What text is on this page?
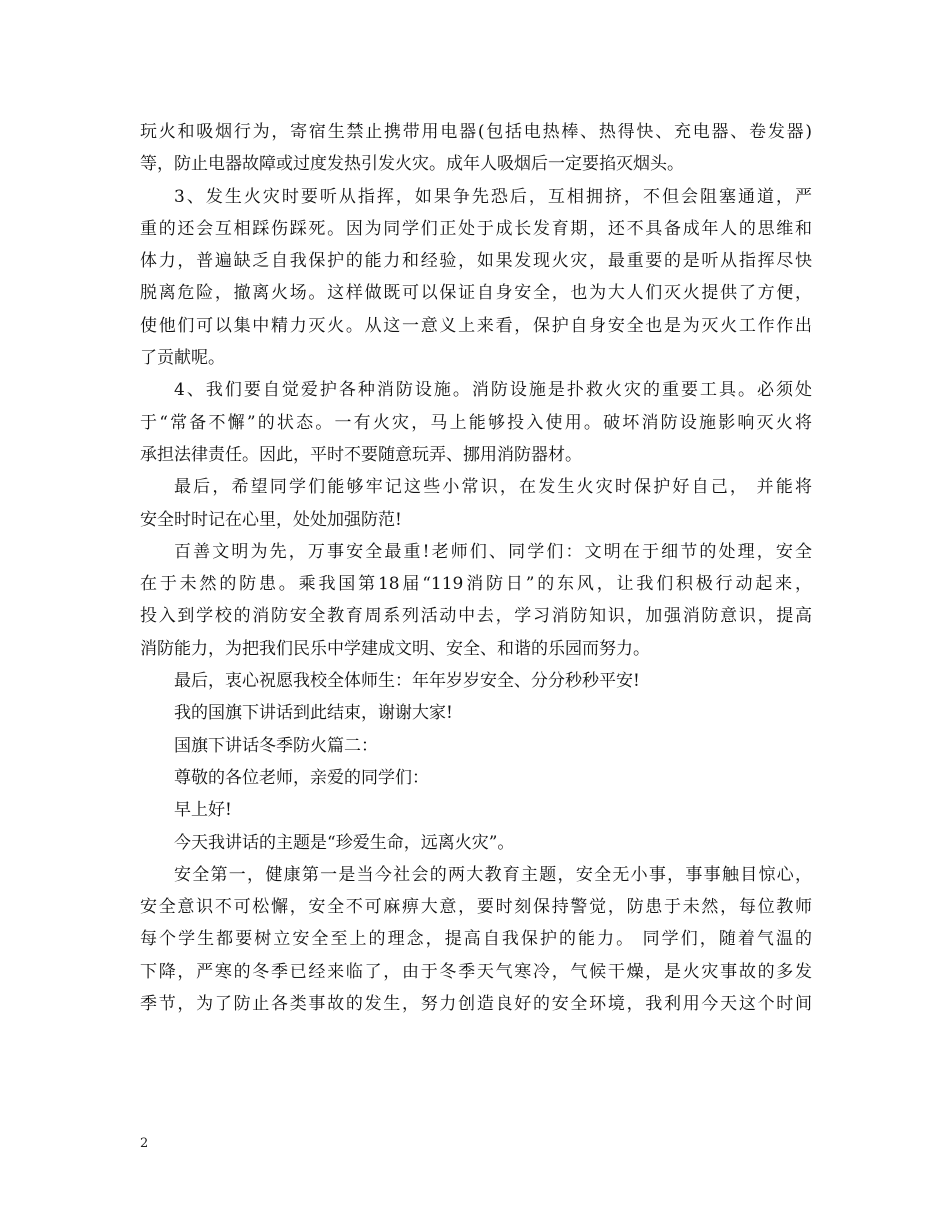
玩火和吸烟行为，寄宿生禁止携带用电器(包括电热棒、热得快、充电器、卷发器)
等，防止电器故障或过度发热引发火灾。成年人吸烟后一定要掐灭烟头。
3、发生火灾时要听从指挥，如果争先恐后，互相拥挤，不但会阻塞通道，严
重的还会互相踩伤踩死。因为同学们正处于成长发育期，还不具备成年人的思维和
体力，普遍缺乏自我保护的能力和经验，如果发现火灾，最重要的是听从指挥尽快
脱离危险，撤离火场。这样做既可以保证自身安全，也为大人们灭火提供了方便，
使他们可以集中精力灭火。从这一意义上来看，保护自身安全也是为灭火工作作出
了贡献呢。
4、我们要自觉爱护各种消防设施。消防设施是扑救火灾的重要工具。必须处
于“常备不懈”的状态。一有火灾，马上能够投入使用。破坏消防设施影响灭火将
承担法律责任。因此，平时不要随意玩弄、挪用消防器材。
最后，希望同学们能够牢记这些小常识，在发生火灾时保护好自己， 并能将
安全时时记在心里，处处加强防范!
百善文明为先，万事安全最重!老师们、同学们：文明在于细节的处理，安全
在于未然的防患。乘我国第18届“119消防日”的东风，让我们积极行动起来，
投入到学校的消防安全教育周系列活动中去，学习消防知识，加强消防意识，提高
消防能力，为把我们民乐中学建成文明、安全、和谐的乐园而努力。
最后，衷心祝愿我校全体师生：年年岁岁安全、分分秒秒平安!
我的国旗下讲话到此结束，谢谢大家!
国旗下讲话冬季防火篇二：
尊敬的各位老师，亲爱的同学们：
早上好!
今天我讲话的主题是“珍爱生命，远离火灾”。
安全第一，健康第一是当今社会的两大教育主题，安全无小事，事事触目惊心，
安全意识不可松懈，安全不可麻痹大意，要时刻保持警觉，防患于未然，每位教师
每个学生都要树立安全至上的理念，提高自我保护的能力。 同学们，随着气温的
下降，严寒的冬季已经来临了，由于冬季天气寒冷，气候干燥，是火灾事故的多发
季节，为了防止各类事故的发生，努力创造良好的安全环境，我利用今天这个时间
2
